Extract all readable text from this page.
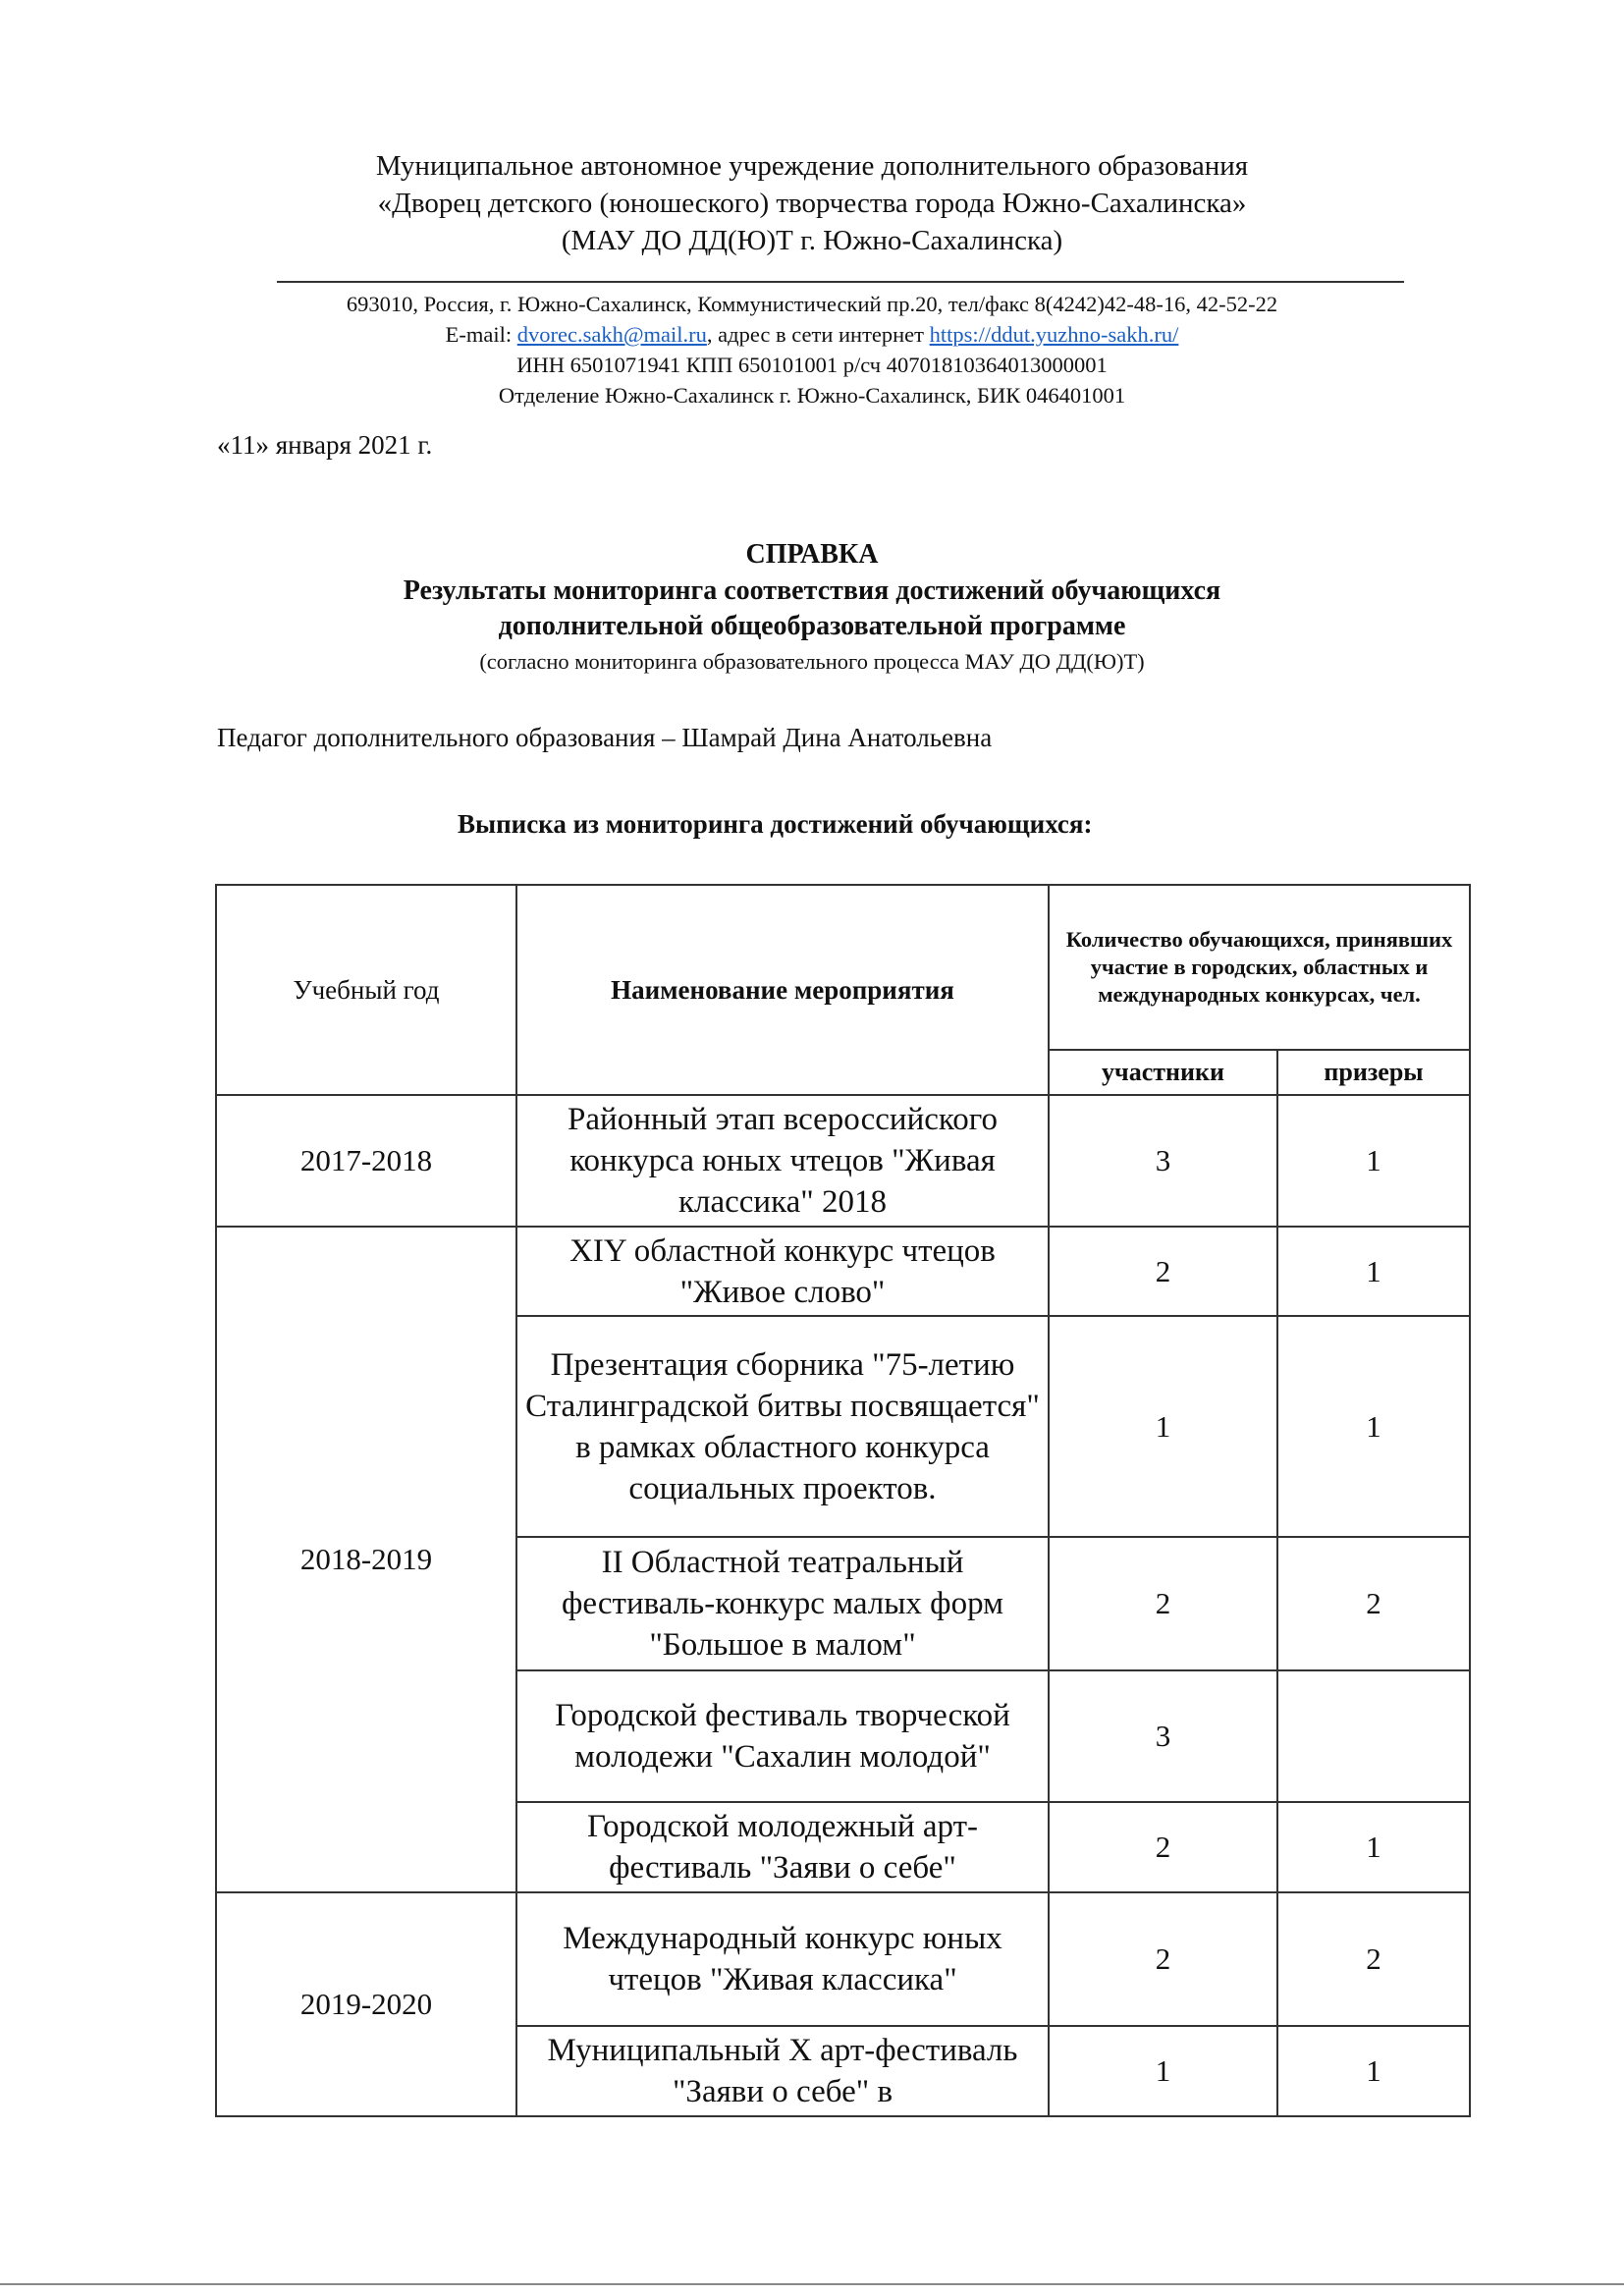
Муниципальное автономное учреждение дополнительного образования
«Дворец детского (юношеского) творчества города Южно-Сахалинска»
(МАУ ДО ДД(Ю)Т г. Южно-Сахалинска)
693010, Россия, г. Южно-Сахалинск, Коммунистический пр.20, тел/факс 8(4242)42-48-16, 42-52-22
E-mail: dvorec.sakh@mail.ru, адрес в сети интернет https://ddut.yuzhno-sakh.ru/
ИНН 6501071941 КПП 650101001 р/сч 40701810364013000001
Отделение Южно-Сахалинск г. Южно-Сахалинск, БИК 046401001
«11» января 2021 г.
СПРАВКА
Результаты мониторинга соответствия достижений обучающихся
дополнительной общеобразовательной программе
(согласно мониторинга образовательного процесса МАУ ДО ДД(Ю)Т)
Педагог дополнительного образования – Шамрай Дина Анатольевна
Выписка из мониторинга достижений обучающихся:
Учебный год	Наименование мероприятия	Количество обучающихся, принявших участие в городских, областных и международных конкурсах, чел.	
		участники	призеры
2017-2018	Районный этап всероссийского конкурса юных чтецов "Живая классика" 2018	3	1
2018-2019	XIY областной конкурс чтецов "Живое слово"	2	1
	Презентация сборника "75-летию Сталинградской битвы посвящается" в рамках областного конкурса социальных проектов.	1	1
	II Областной театральный фестиваль-конкурс малых форм "Большое в малом"	2	2
	Городской фестиваль творческой молодежи "Сахалин молодой"	3	
	Городской молодежный арт-фестиваль "Заяви о себе"	2	1
2019-2020	Международный конкурс юных чтецов "Живая классика"	2	2
	Муниципальный X арт-фестиваль "Заяви о себе" в	1	1
